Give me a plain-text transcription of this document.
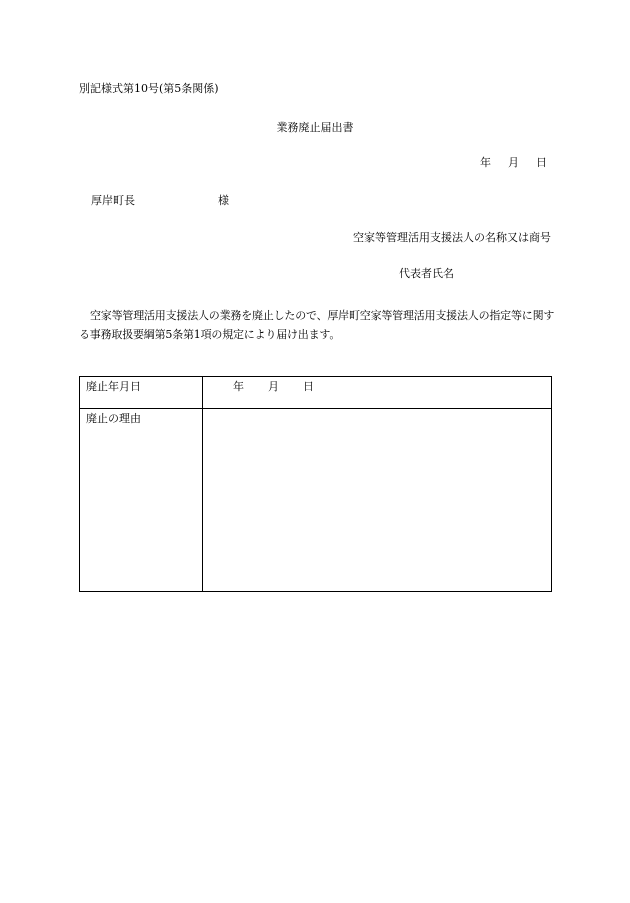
別記様式第10号(第5条関係)
業務廃止届出書
年 月 日
厚岸町長	様
空家等管理活用支援法人の名称又は商号
代表者氏名
空家等管理活用支援法人の業務を廃止したので、厚岸町空家等管理活用支援法人の指定等に関する事務取扱要綱第5条第1項の規定により届け出ます。
廃止年月日	年 月 日
廃止の理由	
